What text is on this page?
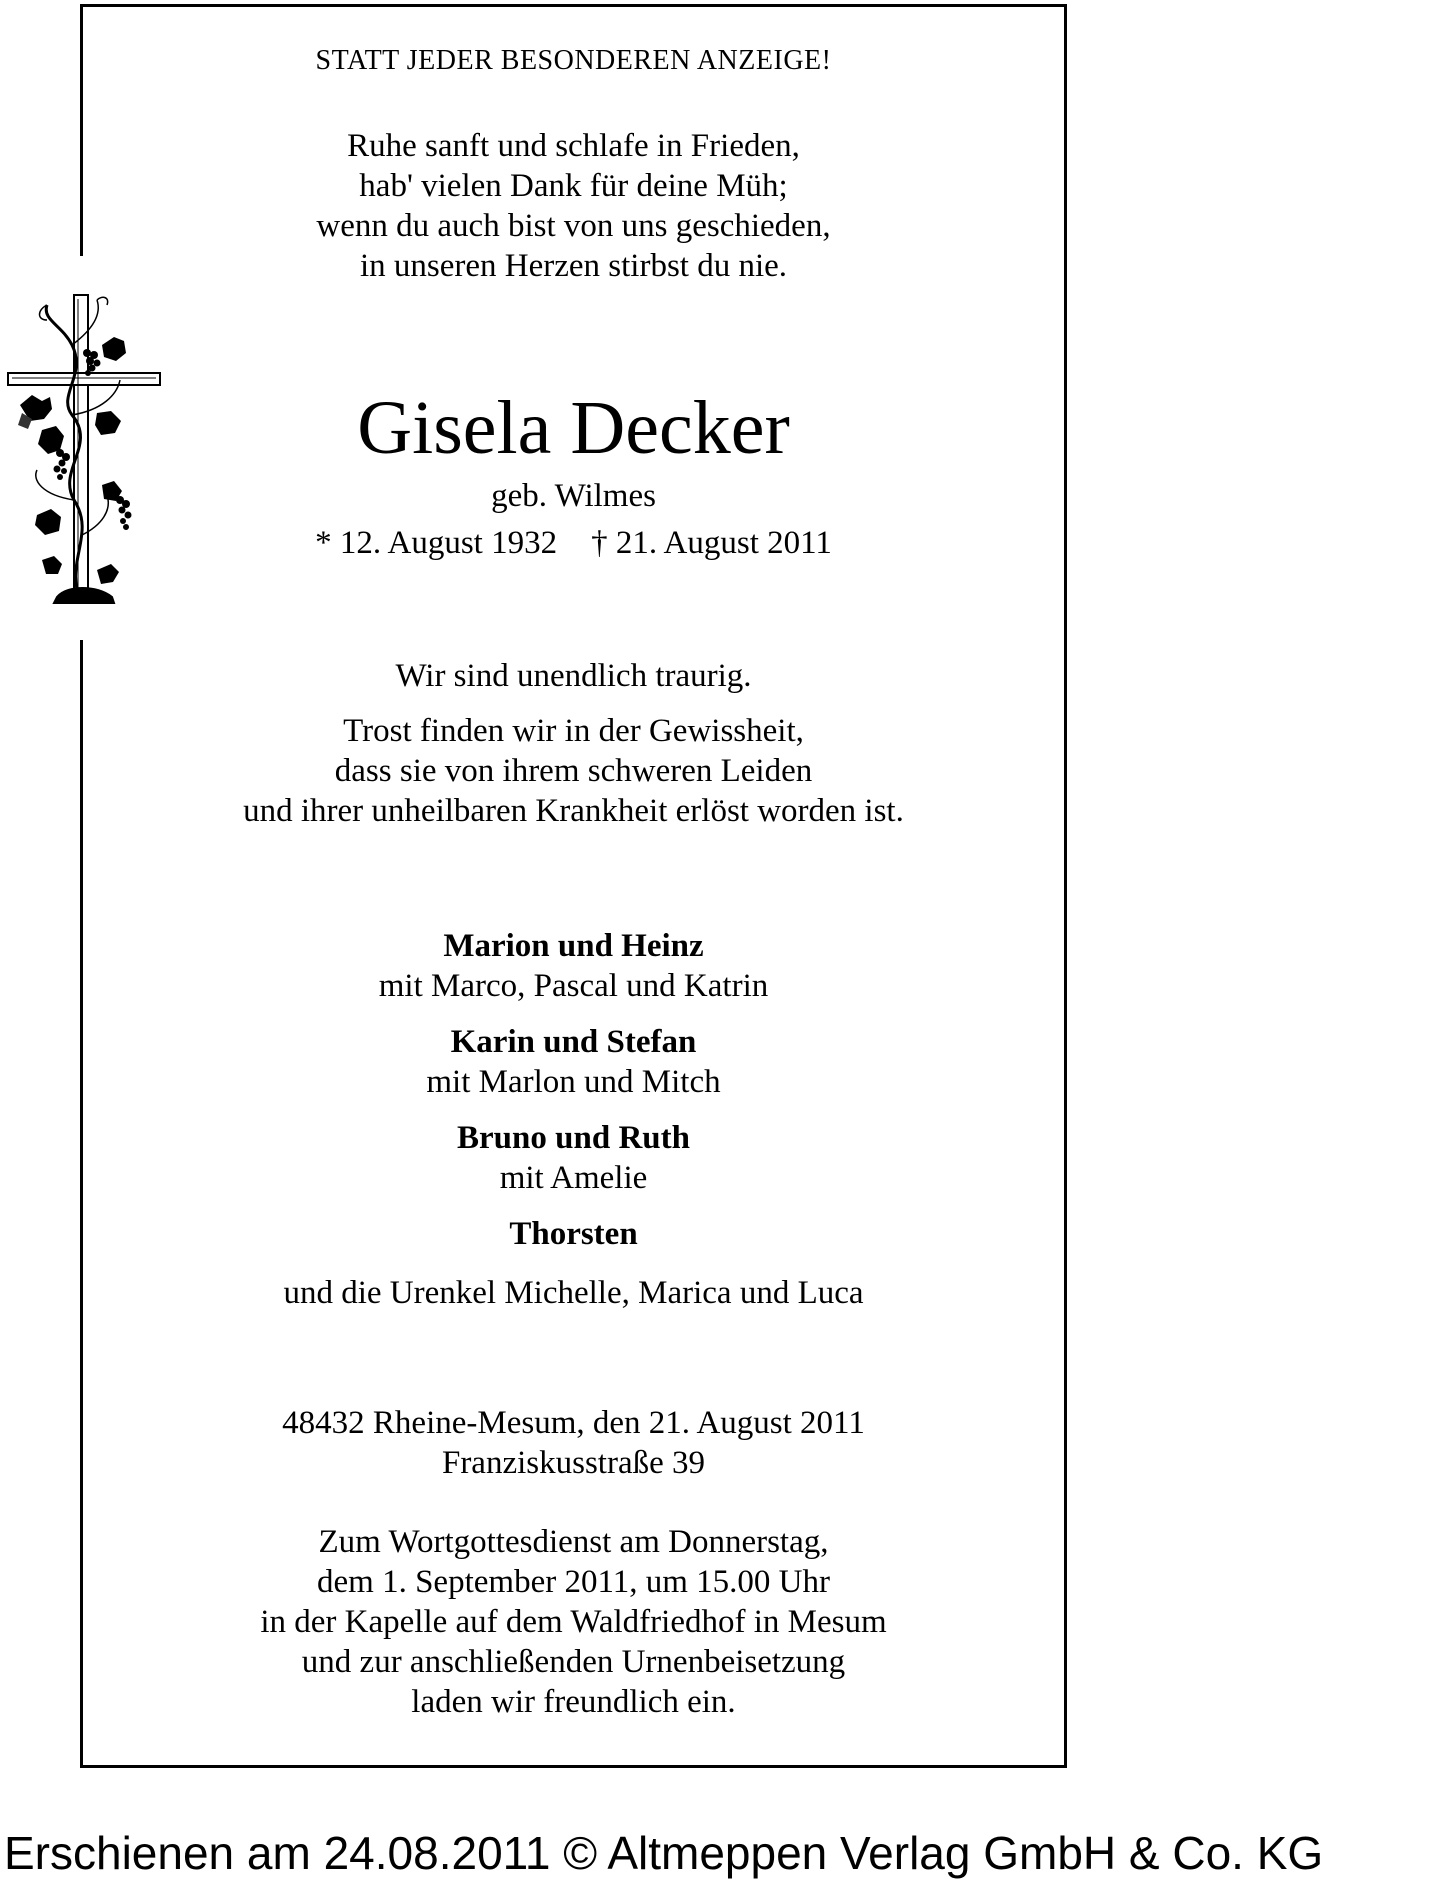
STATT JEDER BESONDEREN ANZEIGE!
Ruhe sanft und schlafe in Frieden,
hab' vielen Dank für deine Müh;
wenn du auch bist von uns geschieden,
in unseren Herzen stirbst du nie.
Gisela Decker
geb. Wilmes
* 12. August 1932 † 21. August 2011
Wir sind unendlich traurig.
Trost finden wir in der Gewissheit,
dass sie von ihrem schweren Leiden
und ihrer unheilbaren Krankheit erlöst worden ist.
Marion und Heinz
mit Marco, Pascal und Katrin
Karin und Stefan
mit Marlon und Mitch
Bruno und Ruth
mit Amelie
Thorsten
und die Urenkel Michelle, Marica und Luca
48432 Rheine-Mesum, den 21. August 2011
Franziskusstraße 39
Zum Wortgottesdienst am Donnerstag,
dem 1. September 2011, um 15.00 Uhr
in der Kapelle auf dem Waldfriedhof in Mesum
und zur anschließenden Urnenbeisetzung
laden wir freundlich ein.
Erschienen am 24.08.2011 © Altmeppen Verlag GmbH & Co. KG
